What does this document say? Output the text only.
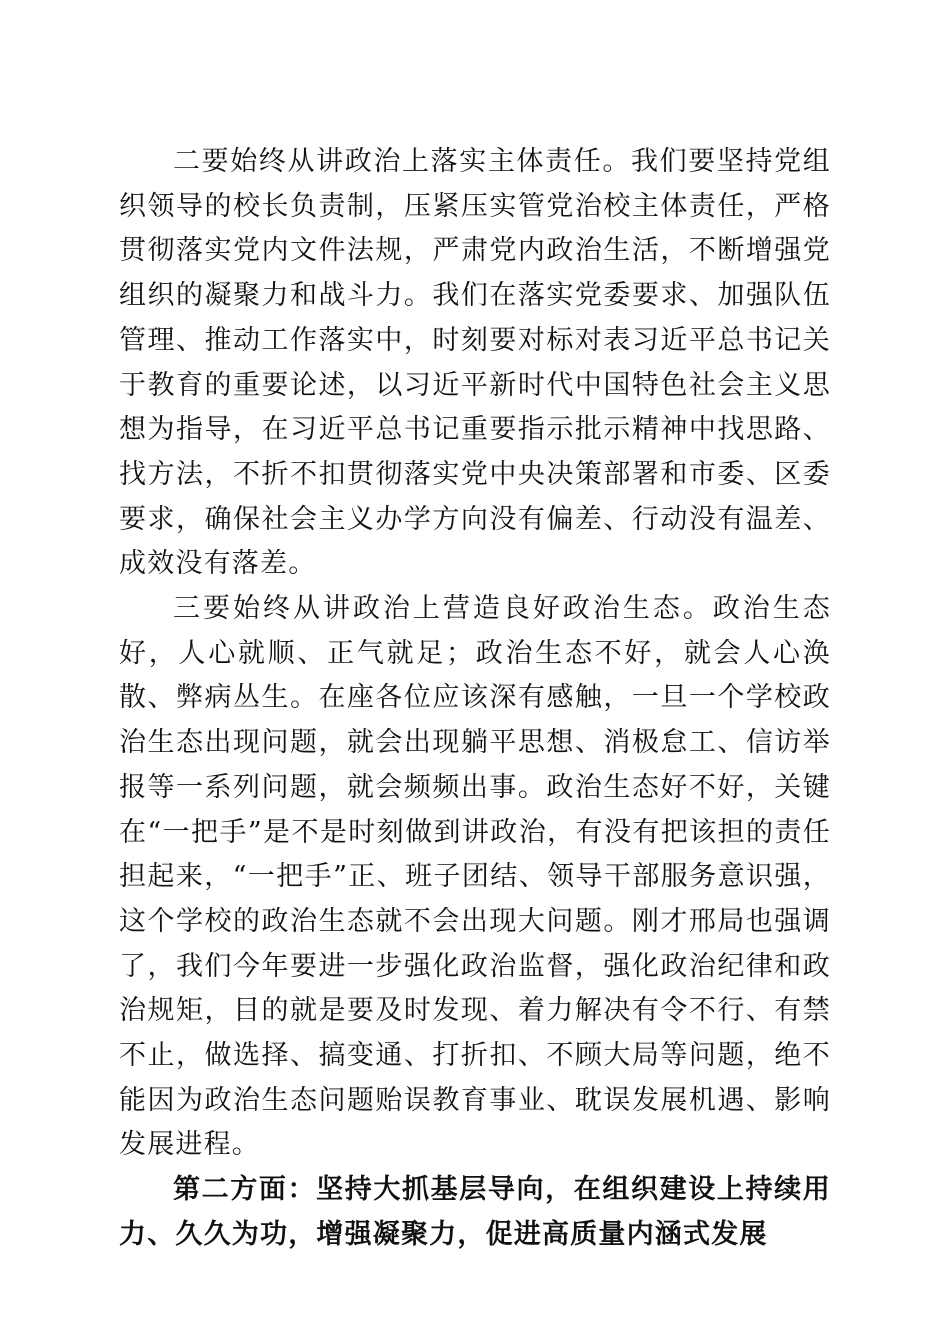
二要始终从讲政治上落实主体责任。我们要坚持党组织领导的校长负责制，压紧压实管党治校主体责任，严格贯彻落实党内文件法规，严肃党内政治生活，不断增强党组织的凝聚力和战斗力。我们在落实党委要求、加强队伍管理、推动工作落实中，时刻要对标对表习近平总书记关于教育的重要论述，以习近平新时代中国特色社会主义思想为指导，在习近平总书记重要指示批示精神中找思路、找方法，不折不扣贯彻落实党中央决策部署和市委、区委要求，确保社会主义办学方向没有偏差、行动没有温差、成效没有落差。

三要始终从讲政治上营造良好政治生态。政治生态好，人心就顺、正气就足；政治生态不好，就会人心涣散、弊病丛生。在座各位应该深有感触，一旦一个学校政治生态出现问题，就会出现躺平思想、消极怠工、信访举报等一系列问题，就会频频出事。政治生态好不好，关键在“一把手”是不是时刻做到讲政治，有没有把该担的责任担起来，“一把手”正、班子团结、领导干部服务意识强，这个学校的政治生态就不会出现大问题。刚才邢局也强调了，我们今年要进一步强化政治监督，强化政治纪律和政治规矩，目的就是要及时发现、着力解决有令不行、有禁不止，做选择、搞变通、打折扣、不顾大局等问题，绝不能因为政治生态问题贻误教育事业、耽误发展机遇、影响发展进程。

第二方面：坚持大抓基层导向，在组织建设上持续用力、久久为功，增强凝聚力，促进高质量内涵式发展
